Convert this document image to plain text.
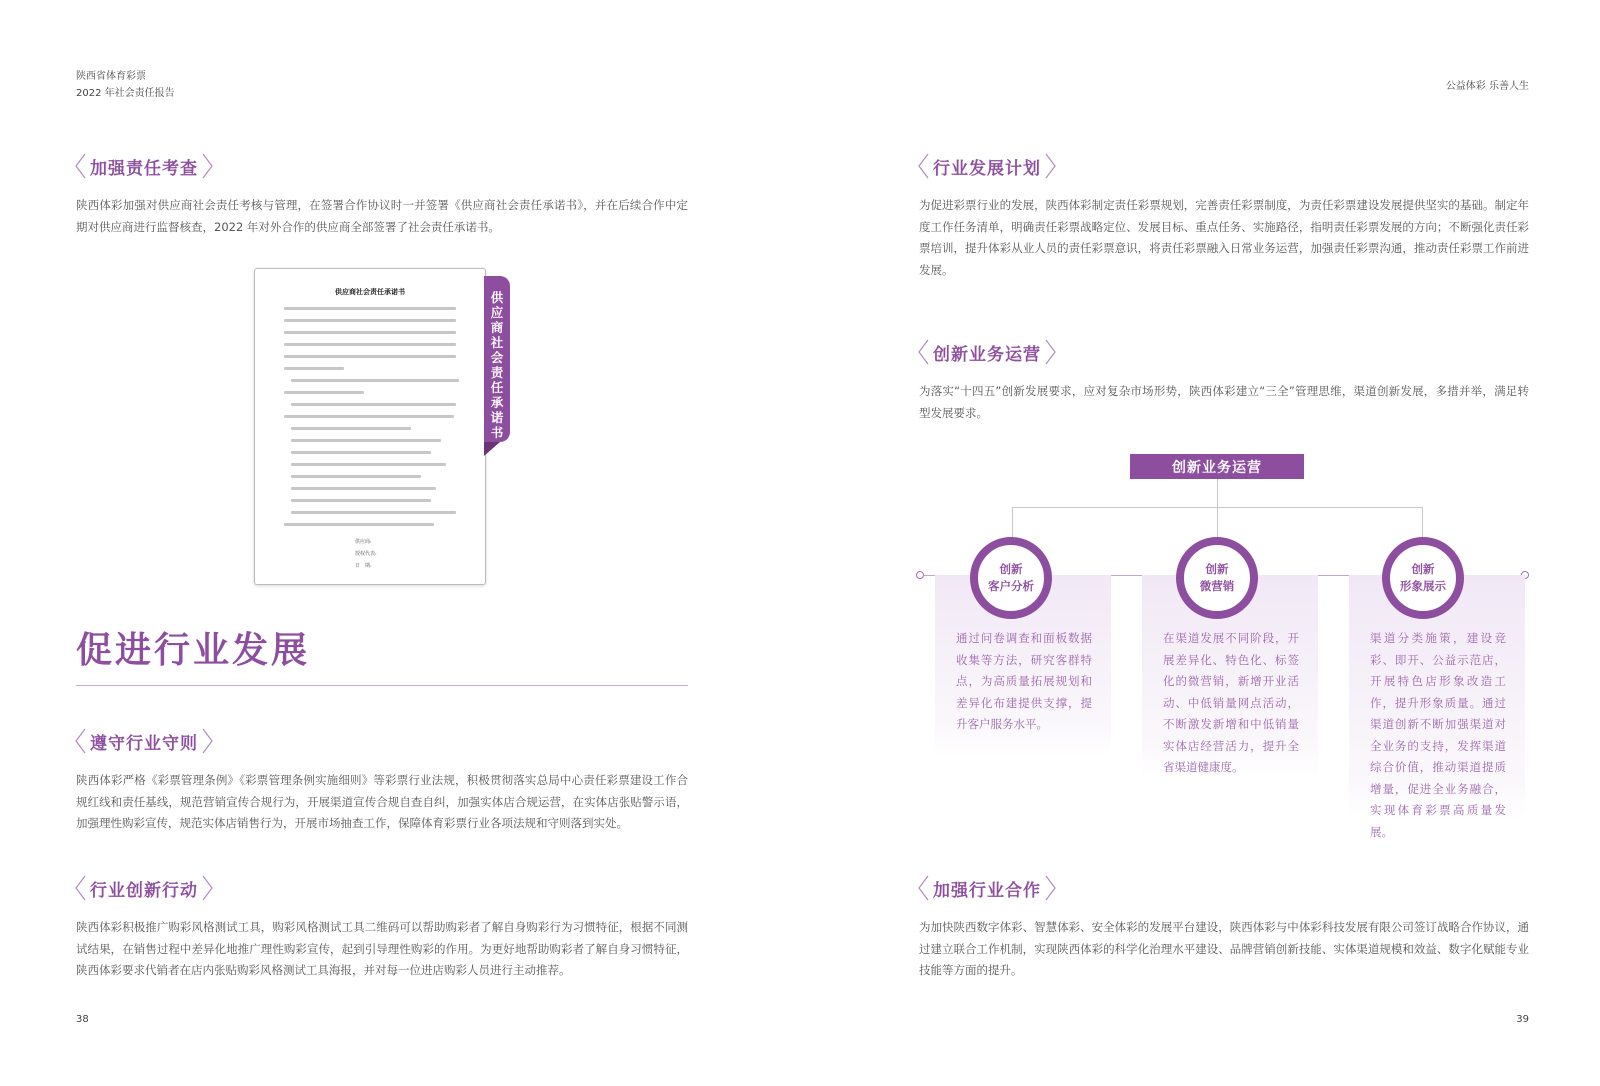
陕西省体育彩票
2022 年社会责任报告
公益体彩 乐善人生
加强责任考查
陕西体彩加强对供应商社会责任考核与管理，在签署合作协议时一并签署《供应商社会责任承诺书》，并在后续合作中定期对供应商进行监督核查，2022 年对外合作的供应商全部签署了社会责任承诺书。
供应商社会责任承诺书
供应商:
授权代表:
日　期:
供应商社会责任承诺书
促进行业发展
遵守行业守则
陕西体彩严格《彩票管理条例》《彩票管理条例实施细则》等彩票行业法规，积极贯彻落实总局中心责任彩票建设工作合规红线和责任基线，规范营销宣传合规行为，开展渠道宣传合规自查自纠，加强实体店合规运营，在实体店张贴警示语，加强理性购彩宣传，规范实体店销售行为，开展市场抽查工作，保障体育彩票行业各项法规和守则落到实处。
行业创新行动
陕西体彩积极推广购彩风格测试工具，购彩风格测试工具二维码可以帮助购彩者了解自身购彩行为习惯特征，根据不同测试结果，在销售过程中差异化地推广理性购彩宣传，起到引导理性购彩的作用。为更好地帮助购彩者了解自身习惯特征，陕西体彩要求代销者在店内张贴购彩风格测试工具海报，并对每一位进店购彩人员进行主动推荐。
38
行业发展计划
为促进彩票行业的发展，陕西体彩制定责任彩票规划，完善责任彩票制度，为责任彩票建设发展提供坚实的基础。制定年度工作任务清单，明确责任彩票战略定位、发展目标、重点任务、实施路径，指明责任彩票发展的方向；不断强化责任彩票培训，提升体彩从业人员的责任彩票意识，将责任彩票融入日常业务运营，加强责任彩票沟通，推动责任彩票工作前进发展。
创新业务运营
为落实“十四五”创新发展要求，应对复杂市场形势，陕西体彩建立“三全”管理思维，渠道创新发展，多措并举，满足转型发展要求。
创新业务运营
创新
客户分析
创新
微营销
创新
形象展示
通过问卷调查和面板数据收集等方法，研究客群特点，为高质量拓展规划和差异化布建提供支撑，提升客户服务水平。
在渠道发展不同阶段，开展差异化、特色化、标签化的微营销，新增开业活动、中低销量网点活动，不断激发新增和中低销量实体店经营活力，提升全省渠道健康度。
渠道分类施策，建设竞彩、即开、公益示范店，开展特色店形象改造工作，提升形象质量。通过渠道创新不断加强渠道对全业务的支持，发挥渠道综合价值，推动渠道提质增量，促进全业务融合，实现体育彩票高质量发展。
加强行业合作
为加快陕西数字体彩、智慧体彩、安全体彩的发展平台建设，陕西体彩与中体彩科技发展有限公司签订战略合作协议，通过建立联合工作机制，实现陕西体彩的科学化治理水平建设、品牌营销创新技能、实体渠道规模和效益、数字化赋能专业技能等方面的提升。
39
